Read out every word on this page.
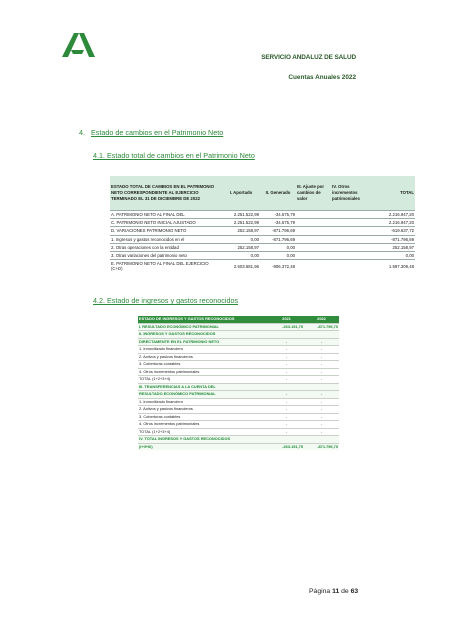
SERVICIO ANDALUZ DE SALUD
Cuentas Anuales 2022
4. Estado de cambios en el Patrimonio Neto
4.1. Estado total de cambios en el Patrimonio Neto
ESTADO TOTAL DE CAMBIOS EN EL PATRIMONIO NETO CORRESPONDIENTE AL EJERCICIO TERMINADO EL 31 DE DICIEMBRE DE 2022	I. Aportado	II. Generado	III. Ajuste por cambios de valor	IV. Otros incrementos patrimoniales	TOTAL
A. PATRIMONIO NETO AL FINAL DEL	2.251.522,99	-34.575,79			2.216.947,20
C. PATRIMONIO NETO INICIAL AJUSTADO	2.251.522,99	-34.575,79			2.216.947,20
D. VARIACIONES PATRIMONIO NETO	252.158,97	-871.796,69			-619.637,72
1. Ingresos y gastos reconocidos en el	0,00	-871.796,69			-871.796,69
2. Otras operaciones con la entidad	252.158,97	0,00			252.158,97
3. Otras variaciones del patrimonio neto	0,00	0,00			0,00
E. PATRIMONIO NETO AL FINAL DEL EJERCICIO (C+D)	2.503.681,96	-906.372,48			1.597.309,48
4.2. Estado de ingresos y gastos reconocidos
ESTADO DE INGRESOS Y GASTOS RECONOCIDOS	2021	2022
I. RESULTADO ECONÓMICO PATRIMONIAL	-263.151,75	-871.796,70
II. INGRESOS Y GASTOS RECONOCIDOS		
DIRECTAMENTE EN EL PATRIMONIO NETO	-	-
1. Inmovilizado financiero	-	-
2. Activos y pasivos financieros	-	-
3. Coberturas contables	-	-
4. Otros incrementos patrimoniales	-	-
TOTAL (1+2+3+4)	-	-
III. TRANSFERENCIAS A LA CUENTA DEL		
RESULTADO ECONÓMICO PATRIMONIAL	-	-
1. Inmovilizado financiero	-	-
2. Activos y pasivos financieros	-	-
3. Coberturas contables	-	-
4. Otros incrementos patrimoniales	-	-
TOTAL (1+2+3+4)	-	-
IV. TOTAL INGRESOS Y GASTOS RECONOCIDOS		
(I+II+III)	-263.151,75	-871.796,70
Página 11 de 63
